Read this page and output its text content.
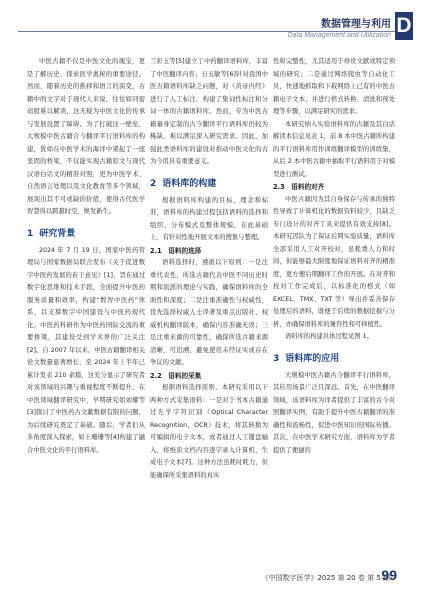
数据管理与利用
Data Management and Utilization D

中医古籍不仅是中医文化的瑰宝，更是了解历史、探索医学奥秘的重要途径。然而，随着历史的推移和语言的演变，古籍中的文字对于现代人来说，往往如同密码般难以解读，这无疑为中医文化的传承与发展设置了障碍。为了打破这一壁垒，大规模中医古籍合今翻译平行语料库的构建，犹如在中医学术的海洋中架起了一座坚固的桥梁，不仅能实现古籍原文与现代汉语白话文的精准对照，更为中医学术、自然语言处理以及文化教育等多个领域，展现出其不可或缺的价值，使得古代医学智慧得以跨越时空，焕发新生。

1 研究背景

2024 年 7 月 19 日，国家中医药管理局与国家数据局联合发布《关于促进数字中医药发展的若干意见》[1]，旨在通过数字化思维和技术手段，全面提升中医药服务质量和效率，构建“数智中医药”体系，以支撑数字中国建设与中医药现代化。中医药科研作为中医药国际交流的重要桥梁，其建设受到学术界的广泛关注[2]。自 2007 年以来，中医古籍翻译相关论文数量显著增长，至 2024 年上半年已累计发表 210 余篇，这充分显示了研究者对该领域的兴趣与重视程度不断提升。在中医领域翻译研究中，早期研究如刘耀等[3]探讨了中医药古文献数据有限的问题，为后续研究奠定了基础。随后，学者们从多角度深入探索，如王珊珊等[4]构建了融合中医文化的平行语料库。

兰彩玉等[5]建立了中药翻译语料库，丰富了中医翻译内容；石玉敏等[6]针对我国中医古籍语料库缺乏问题，对《黄帝内经》进行了人工标注，构建了集词性标注和分词一体的古籍语料库。然而，专为中医古籍量身定制的古今翻译平行语料库仍较为稀缺，难以满足深入研究需求。因此，加强此类语料库的建设对推动中医文化的古为今用具有重要意义。

2 语料库的构建

根据语料库构建的目标、理念和标准，语料库的构建过程包括语料的选择和组织、分布模式及整体规模，在此基础上，有针对性地开展文本的搜集与整理。

2.1　语料的选择

语料选择时，遵循以下原则：一是注重代表性，所选古籍代表中医不同历史时期和流派的理论与实践，确保语料库的全面性和深度；二是注重准确性与权威性，优先选择权威人士译著及重点出版社、权威机构翻译版本，确保内容准确无误；三是注重来源的可靠性，确保所选古籍来源清晰、可追溯，避免使用未经证实或存在争议的文献。

2.2　语料的采集

根据语料选择原则，本研究采用以下两种方式采集语料：一是对于书本古籍通过光学字符识别（Optical Character Recognition，OCR）技术，将其转换为可编辑的电子文本，或者通过人工键盘输入，将纸质文档内容逐字录入计算机，生成电子文本[7]。这种方法虽耗时耗力，但能确保所采集语料的真实

性和完整性，尤其适用于珍贵文献或特定领域的研究；二是通过网络爬虫等自动化工具，快速地抓取和下载网络上已有的中医古籍电子文本，并进行格式转换、清洗和预处理等步骤，以满足研究的需求。

本研究纳入实验语料库的古籍及其白话解读本信息见表 1，前 8 本中医古籍所构建的平行语料库用作训练翻译模型的训练集，从后 2 本中医古籍中抽取平行语料用于对模型进行测试。

2.3　语料的对齐

中医古籍因为其自身保存与传承的独特性导致了计算机化的数据资料较少，且缺乏专门设计的对齐工具来提供有效支持[8]。本研究因队为了保证后期实验质量，语料库全部采用人工对齐校对，虽耗费人力和时间，但能够最大限度地保证语料对齐的精准度，更方便后期翻译工作的开展。在对齐和校对工作完成后，以标准化的格式（如 EXCEL、TMX、TXT 等）导出并妥善保存处理后的语料，既便于后续的数据挖掘与分析，亦确保语料库的兼容性和可移植性。

语料库的构建具体过程见图 1。

3 语料库的应用

大规模中医古籍古今翻译平行语料库，其应用场景广泛且深远。首先，在中医翻译领域，该语料库为译者提供了丰富的古今对照翻译实例，有助于提升中医古籍翻译的准确性和流畅性，促进中医知识的国际传播。其次，在中医学术研究方面，语料库为学者提供了便捷的

《中国数字医学》2025 第 20 卷 第 5 期
99
